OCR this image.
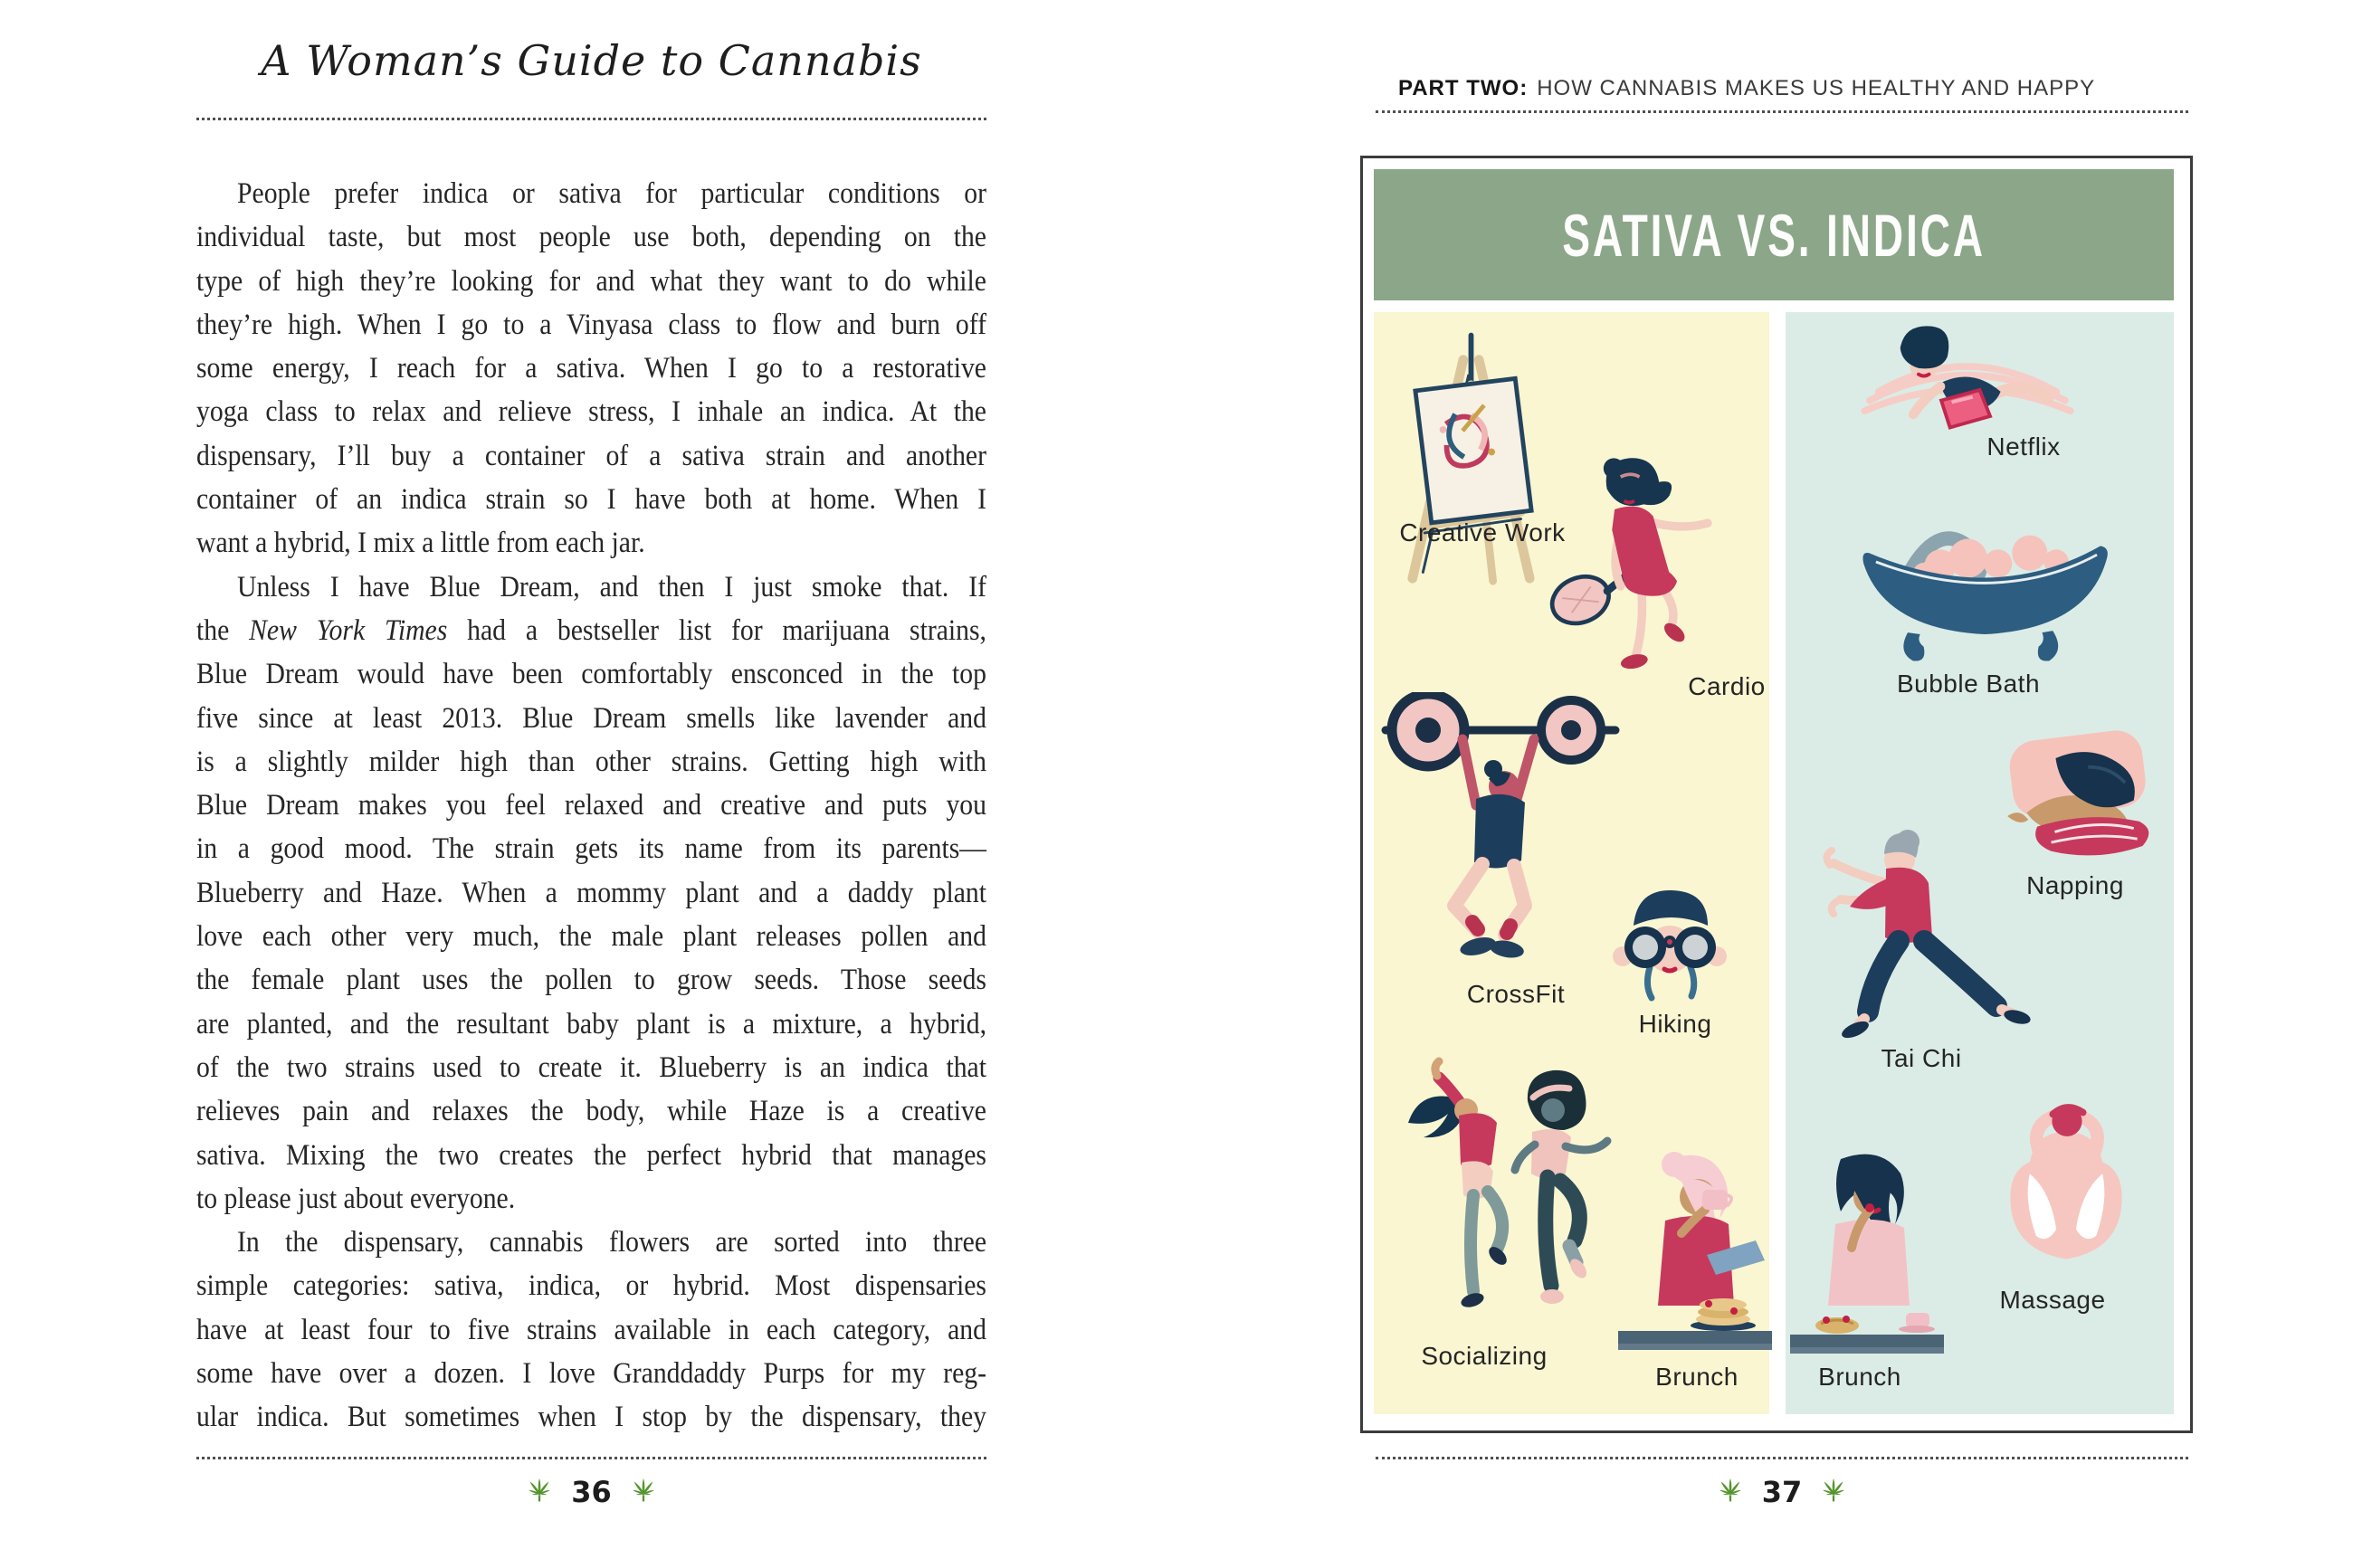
A Woman’s Guide to Cannabis
People prefer indica or sativa for particular conditions or
individual taste, but most people use both, depending on the
type of high they’re looking for and what they want to do while
they’re high. When I go to a Vinyasa class to flow and burn off
some energy, I reach for a sativa. When I go to a restorative
yoga class to relax and relieve stress, I inhale an indica. At the
dispensary, I’ll buy a container of a sativa strain and another
container of an indica strain so I have both at home. When I
want a hybrid, I mix a little from each jar.
Unless I have Blue Dream, and then I just smoke that. If
the New York Times had a bestseller list for marijuana strains,
Blue Dream would have been comfortably ensconced in the top
five since at least 2013. Blue Dream smells like lavender and
is a slightly milder high than other strains. Getting high with
Blue Dream makes you feel relaxed and creative and puts you
in a good mood. The strain gets its name from its parents—
Blueberry and Haze. When a mommy plant and a daddy plant
love each other very much, the male plant releases pollen and
the female plant uses the pollen to grow seeds. Those seeds
are planted, and the resultant baby plant is a mixture, a hybrid,
of the two strains used to create it. Blueberry is an indica that
relieves pain and relaxes the body, while Haze is a creative
sativa. Mixing the two creates the perfect hybrid that manages
to please just about everyone.
In the dispensary, cannabis flowers are sorted into three
simple categories: sativa, indica, or hybrid. Most dispensaries
have at least four to five strains available in each category, and
some have over a dozen. I love Granddaddy Purps for my reg-
ular indica. But sometimes when I stop by the dispensary, they
36
PART TWO: HOW CANNABIS MAKES US HEALTHY AND HAPPY
SATIVA VS. INDICA
Creative Work
Cardio
CrossFit
Hiking
Socializing
Brunch
Netflix
Bubble Bath
Napping
Tai Chi
Massage
Brunch
37
